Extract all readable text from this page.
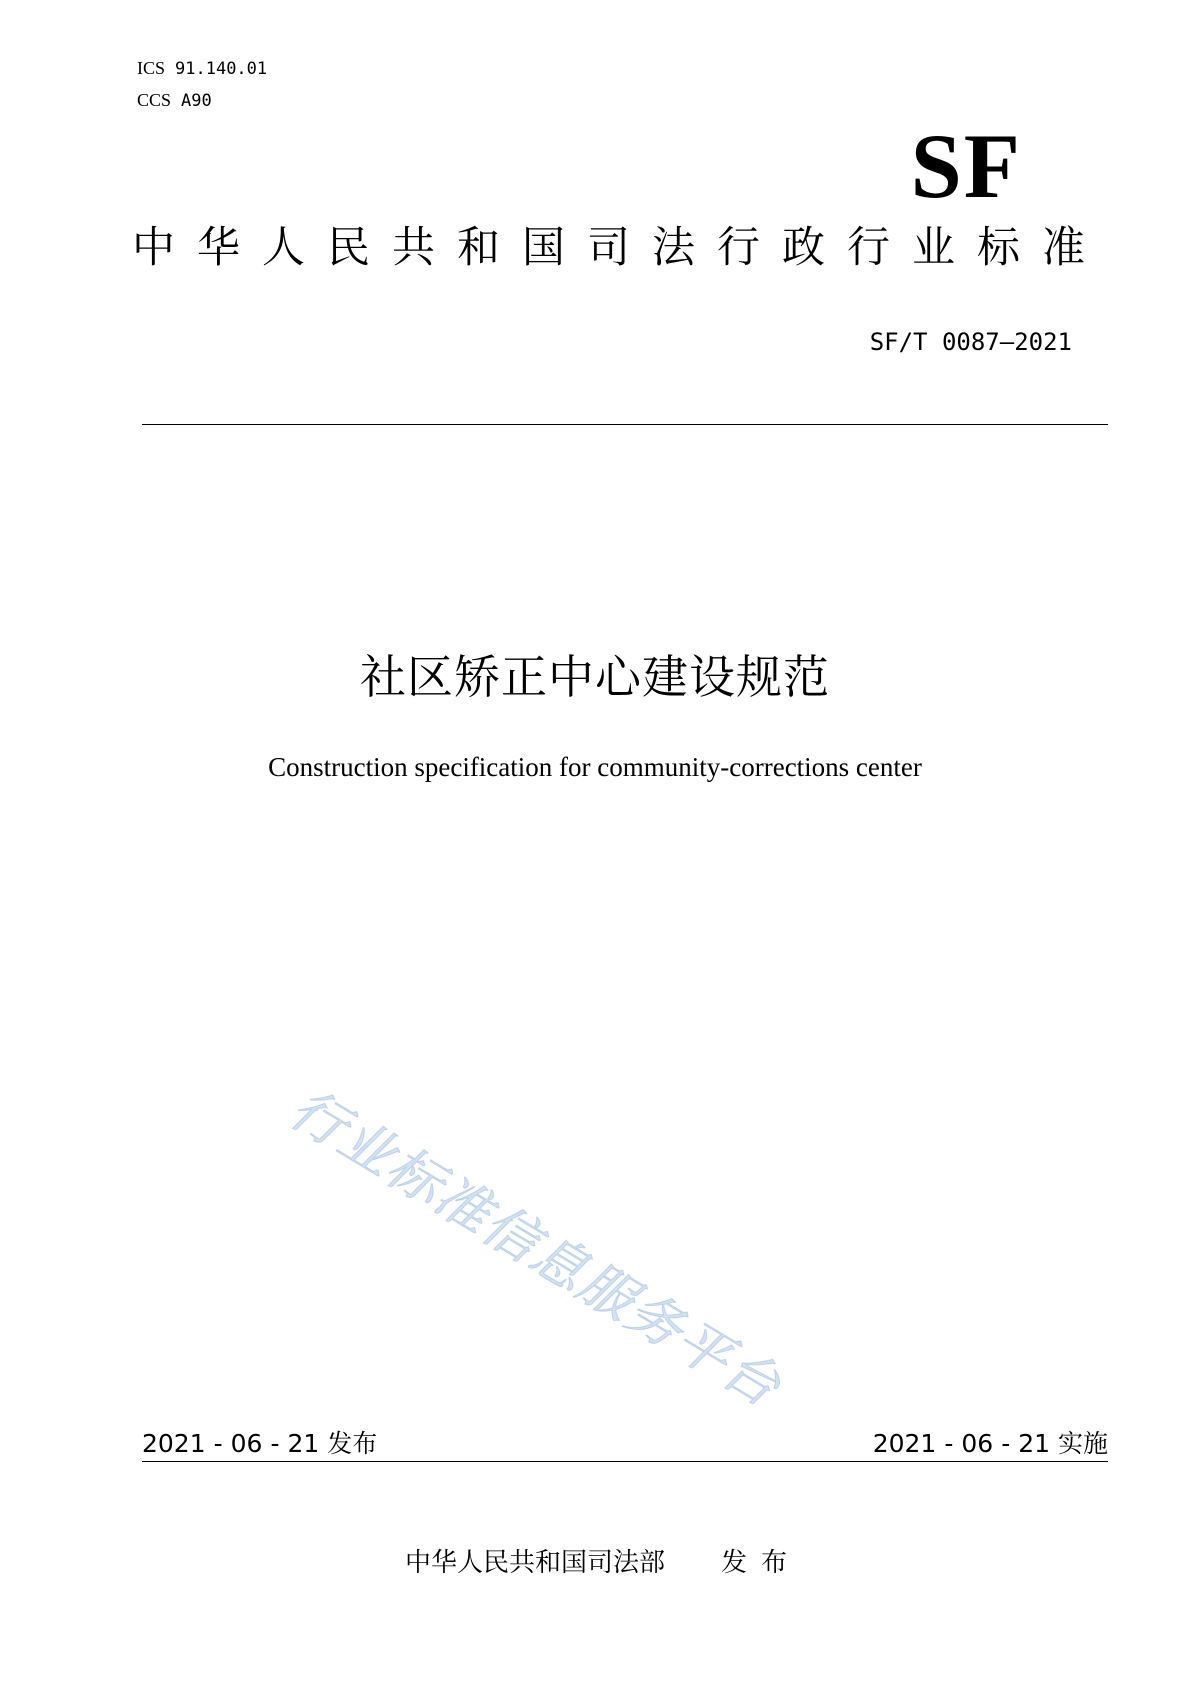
ICS 91.140.01
CCS A90
SF
中华人民共和国司法行政行业标准
SF/T 0087—2021
社区矫正中心建设规范
Construction specification for community-corrections center
行业标准信息服务平台
2021 - 06 - 21 发布	2021 - 06 - 21 实施
中华人民共和国司法部 发布
